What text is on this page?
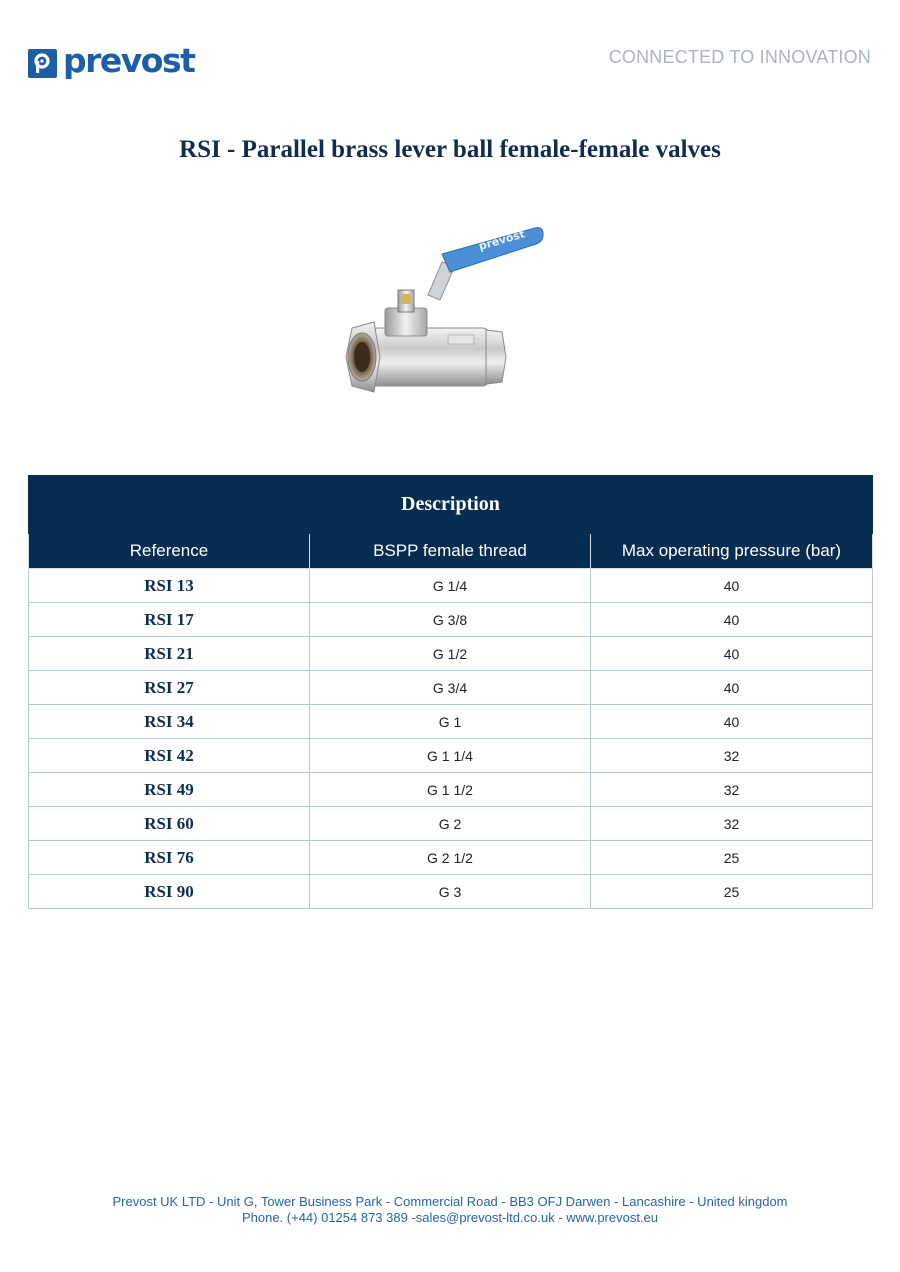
prevost	CONNECTED TO INNOVATION
RSI - Parallel brass lever ball female-female valves
prevost
Description		
Reference	BSPP female thread	Max operating pressure (bar)
RSI 13	G 1/4	40
RSI 17	G 3/8	40
RSI 21	G 1/2	40
RSI 27	G 3/4	40
RSI 34	G 1	40
RSI 42	G 1 1/4	32
RSI 49	G 1 1/2	32
RSI 60	G 2	32
RSI 76	G 2 1/2	25
RSI 90	G 3	25
Prevost UK LTD - Unit G, Tower Business Park - Commercial Road - BB3 OFJ Darwen - Lancashire - United kingdom
Phone. (+44) 01254 873 389 -sales@prevost-ltd.co.uk - www.prevost.eu
